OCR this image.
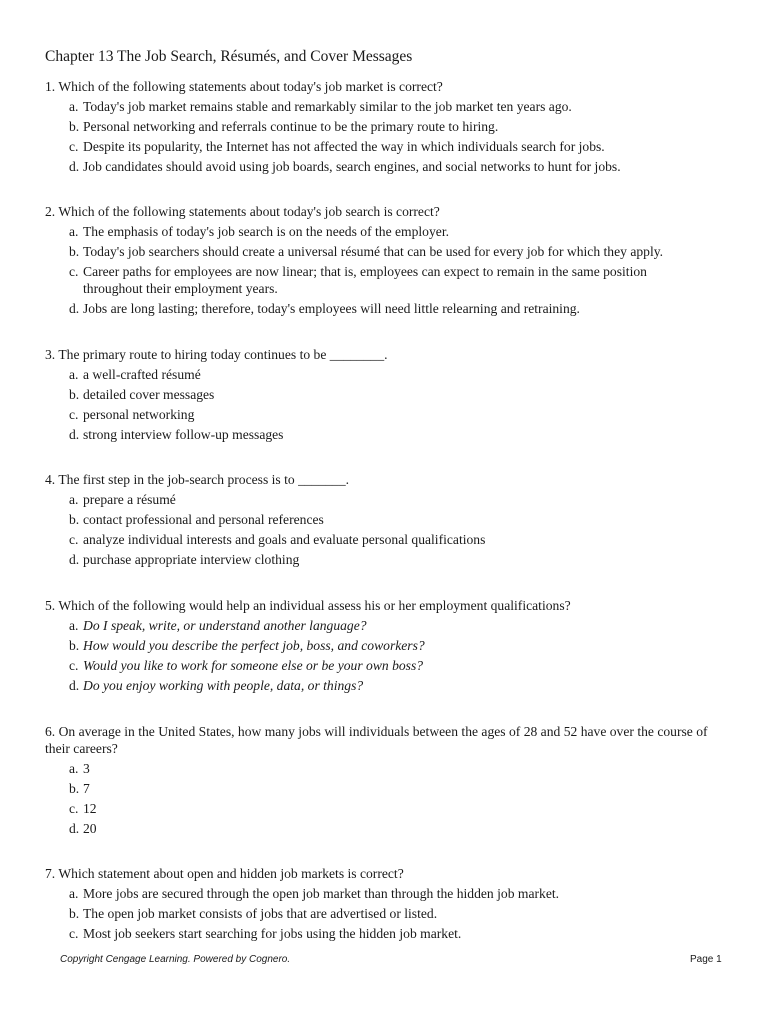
Chapter 13 The Job Search, Résumés, and Cover Messages
1. Which of the following statements about today's job market is correct?
a. Today's job market remains stable and remarkably similar to the job market ten years ago.
b. Personal networking and referrals continue to be the primary route to hiring.
c. Despite its popularity, the Internet has not affected the way in which individuals search for jobs.
d. Job candidates should avoid using job boards, search engines, and social networks to hunt for jobs.
2. Which of the following statements about today's job search is correct?
a. The emphasis of today's job search is on the needs of the employer.
b. Today's job searchers should create a universal résumé that can be used for every job for which they apply.
c. Career paths for employees are now linear; that is, employees can expect to remain in the same position throughout their employment years.
d. Jobs are long lasting; therefore, today's employees will need little relearning and retraining.
3. The primary route to hiring today continues to be ________.
a. a well-crafted résumé
b. detailed cover messages
c. personal networking
d. strong interview follow-up messages
4. The first step in the job-search process is to _______.
a. prepare a résumé
b. contact professional and personal references
c. analyze individual interests and goals and evaluate personal qualifications
d. purchase appropriate interview clothing
5. Which of the following would help an individual assess his or her employment qualifications?
a. Do I speak, write, or understand another language?
b. How would you describe the perfect job, boss, and coworkers?
c. Would you like to work for someone else or be your own boss?
d. Do you enjoy working with people, data, or things?
6. On average in the United States, how many jobs will individuals between the ages of 28 and 52 have over the course of their careers?
a. 3
b. 7
c. 12
d. 20
7. Which statement about open and hidden job markets is correct?
a. More jobs are secured through the open job market than through the hidden job market.
b. The open job market consists of jobs that are advertised or listed.
c. Most job seekers start searching for jobs using the hidden job market.
Copyright Cengage Learning. Powered by Cognero.	Page 1
